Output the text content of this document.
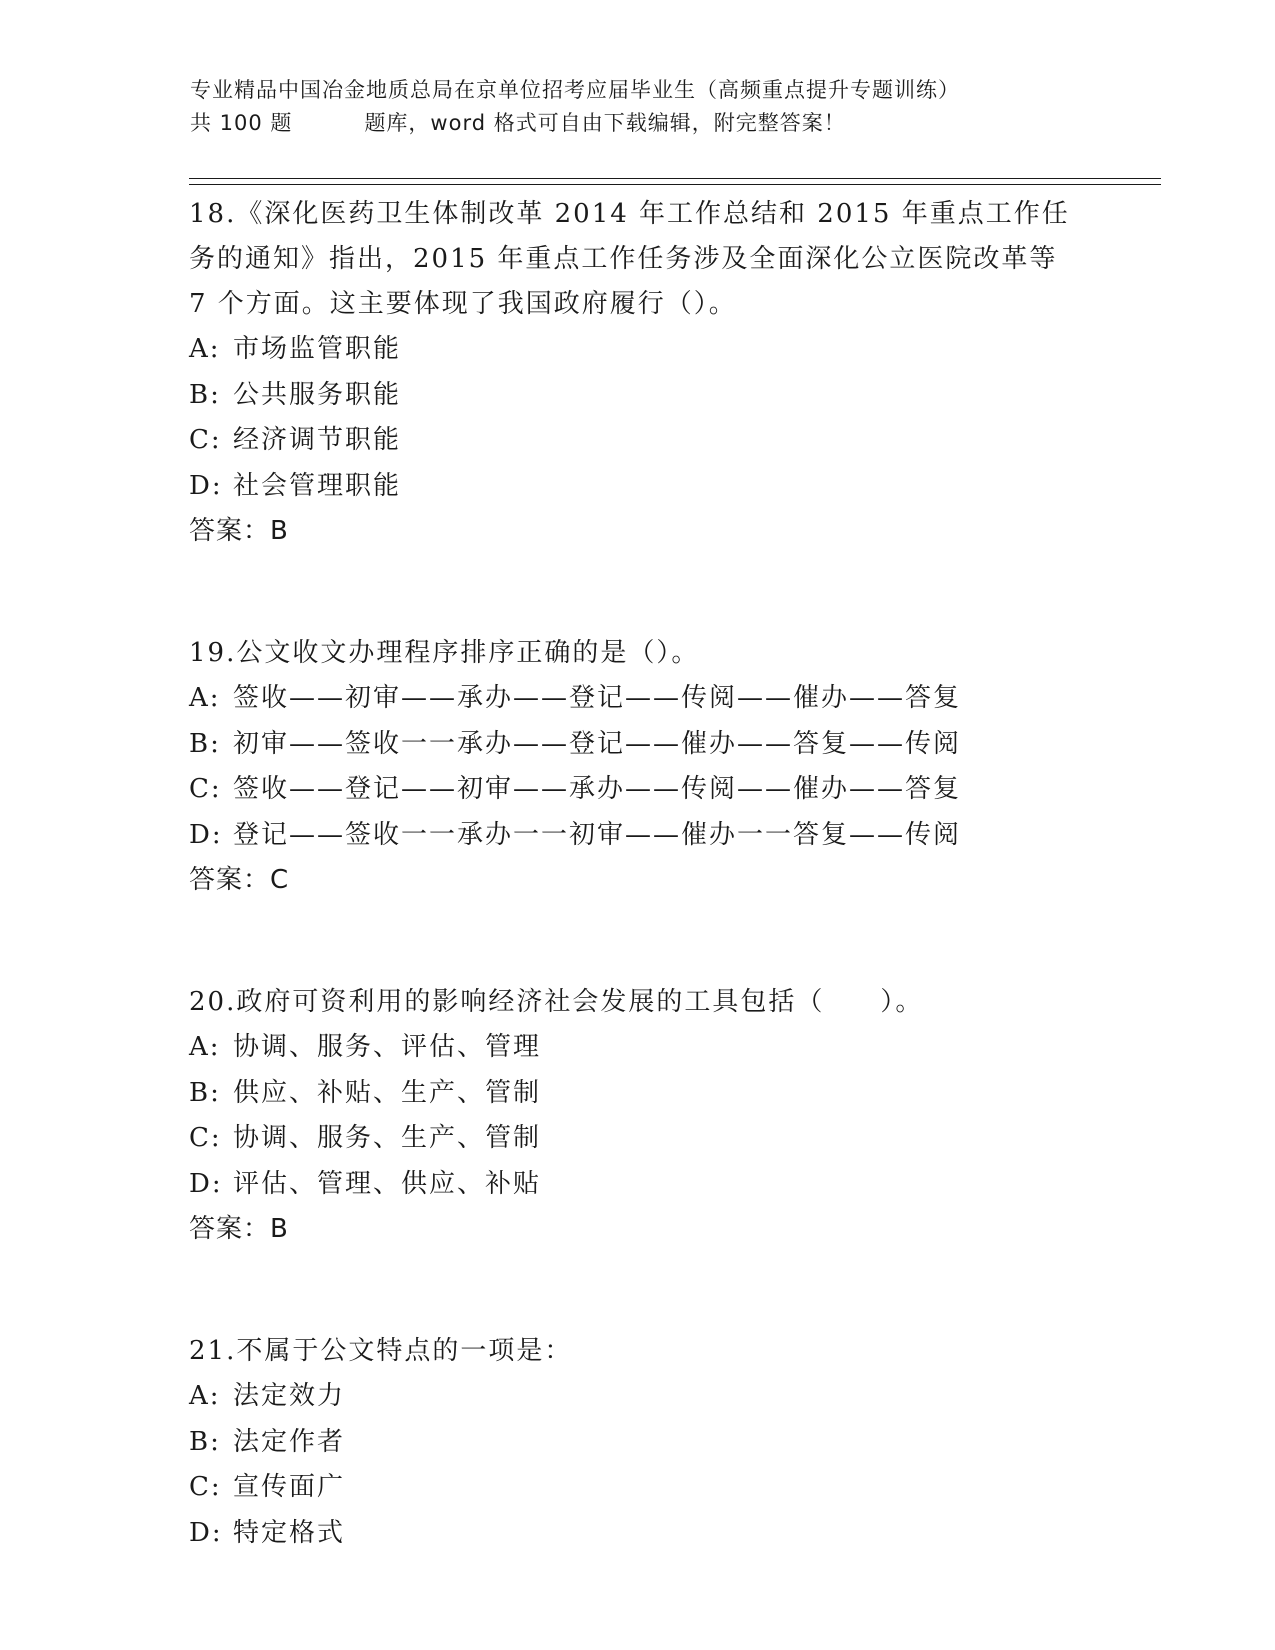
专业精品中国冶金地质总局在京单位招考应届毕业生（高频重点提升专题训练）
共 100 题	题库，word 格式可自由下载编辑，附完整答案！
18.《深化医药卫生体制改革 2014 年工作总结和 2015 年重点工作任务的通知》指出，2015 年重点工作任务涉及全面深化公立医院改革等 7 个方面。这主要体现了我国政府履行（）。
A: 市场监管职能
B: 公共服务职能
C: 经济调节职能
D: 社会管理职能
答案：B
19.公文收文办理程序排序正确的是（）。
A: 签收——初审——承办——登记——传阅——催办——答复
B: 初审——签收一一承办——登记——催办——答复——传阅
C: 签收——登记——初审——承办——传阅——催办——答复
D: 登记——签收一一承办一一初审——催办一一答复——传阅
答案：C
20.政府可资利用的影响经济社会发展的工具包括（　　）。
A: 协调、服务、评估、管理
B: 供应、补贴、生产、管制
C: 协调、服务、生产、管制
D: 评估、管理、供应、补贴
答案：B
21.不属于公文特点的一项是：
A: 法定效力
B: 法定作者
C: 宣传面广
D: 特定格式
